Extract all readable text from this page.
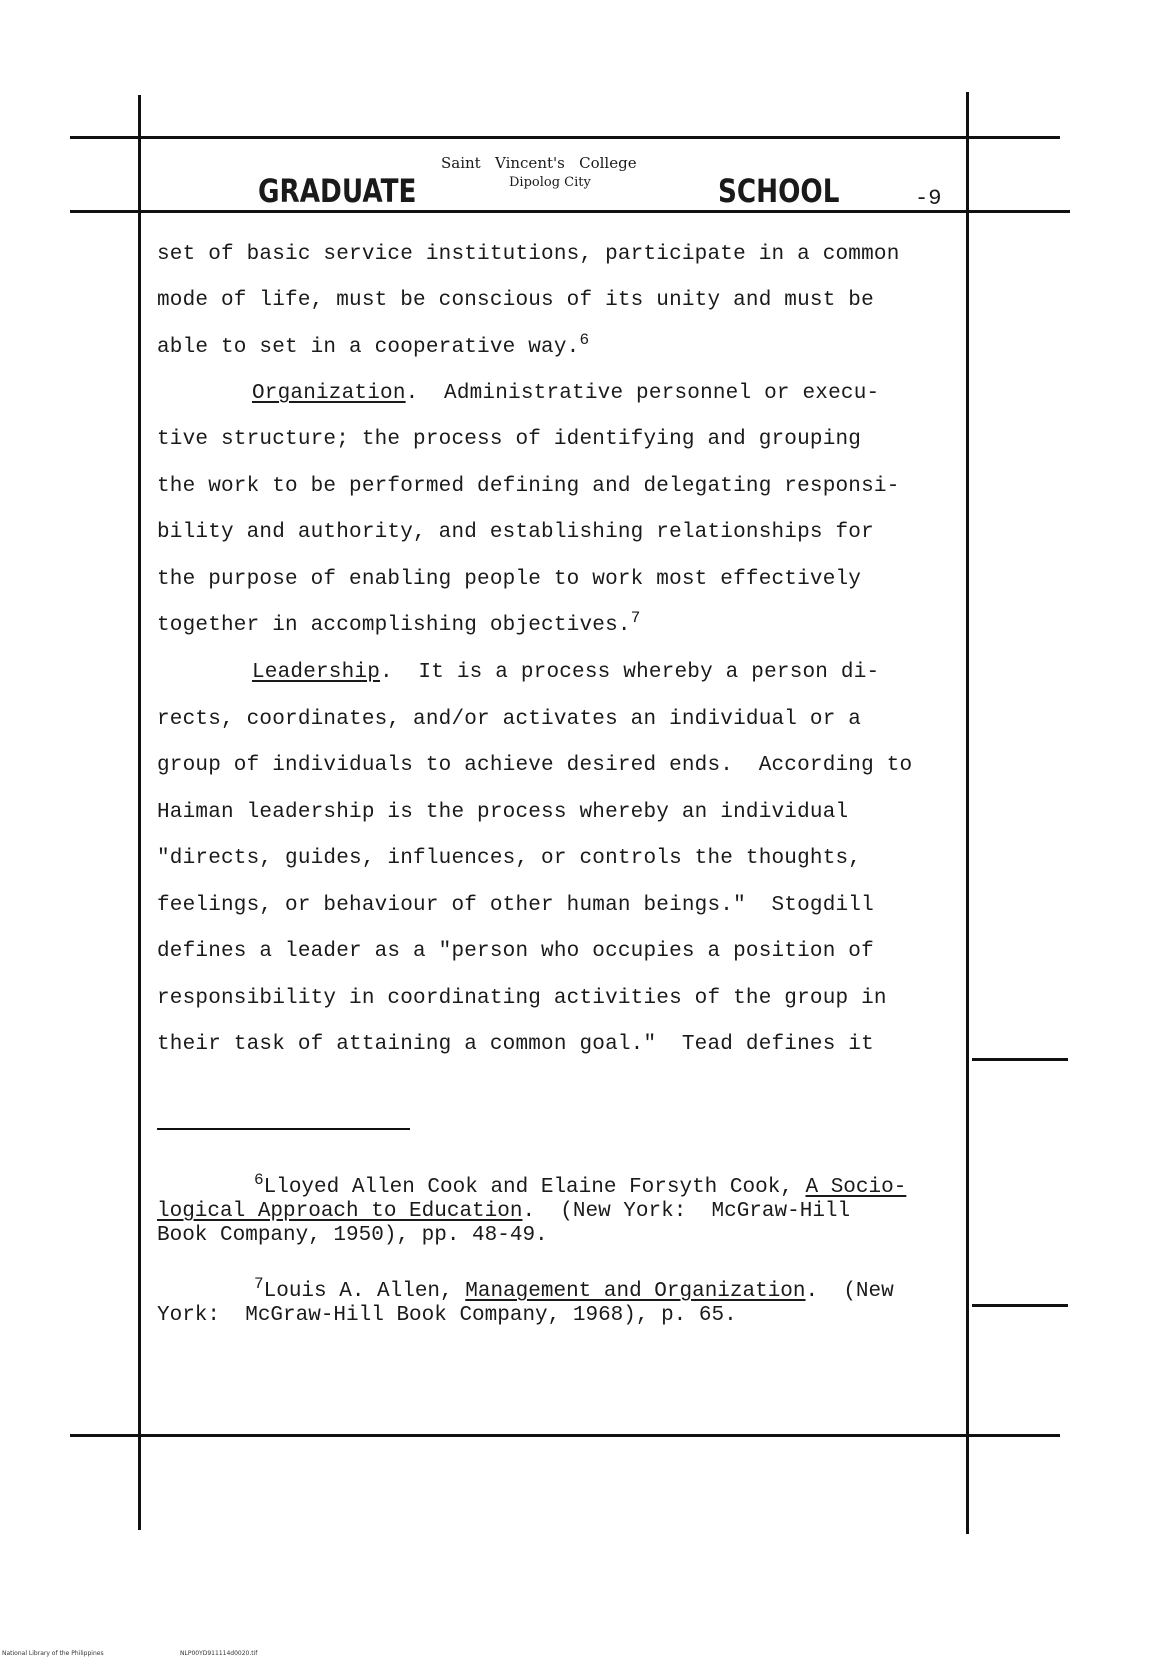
GRADUATE
Saint   Vincent's   College
Dipolog City	SCHOOL	-9
set of basic service institutions, participate in a common
mode of life, must be conscious of its unity and must be
able to set in a cooperative way.$^6$
Organization.  Administrative personnel or execu-
tive structure; the process of identifying and grouping
the work to be performed defining and delegating responsi-
bility and authority, and establishing relationships for
the purpose of enabling people to work most effectively
together in accomplishing objectives.$^7$
Leadership.  It is a process whereby a person di-
rects, coordinates, and/or activates an individual or a
group of individuals to achieve desired ends.  According to
Haiman leadership is the process whereby an individual
"directs, guides, influences, or controls the thoughts,
feelings, or behaviour of other human beings."  Stogdill
defines a leader as a "person who occupies a position of
responsibility in coordinating activities of the group in
their task of attaining a common goal."  Tead defines it
$^6$Lloyed Allen Cook and Elaine Forsyth Cook, A Socio-
logical Approach to Education.  (New York:  McGraw-Hill
Book Company, 1950), pp. 48-49.
$^7$Louis A. Allen, Management and Organization.  (New
York:  McGraw-Hill Book Company, 1968), p. 65.
National Library of the Philippines	NLP00YD911114d0020.tif
